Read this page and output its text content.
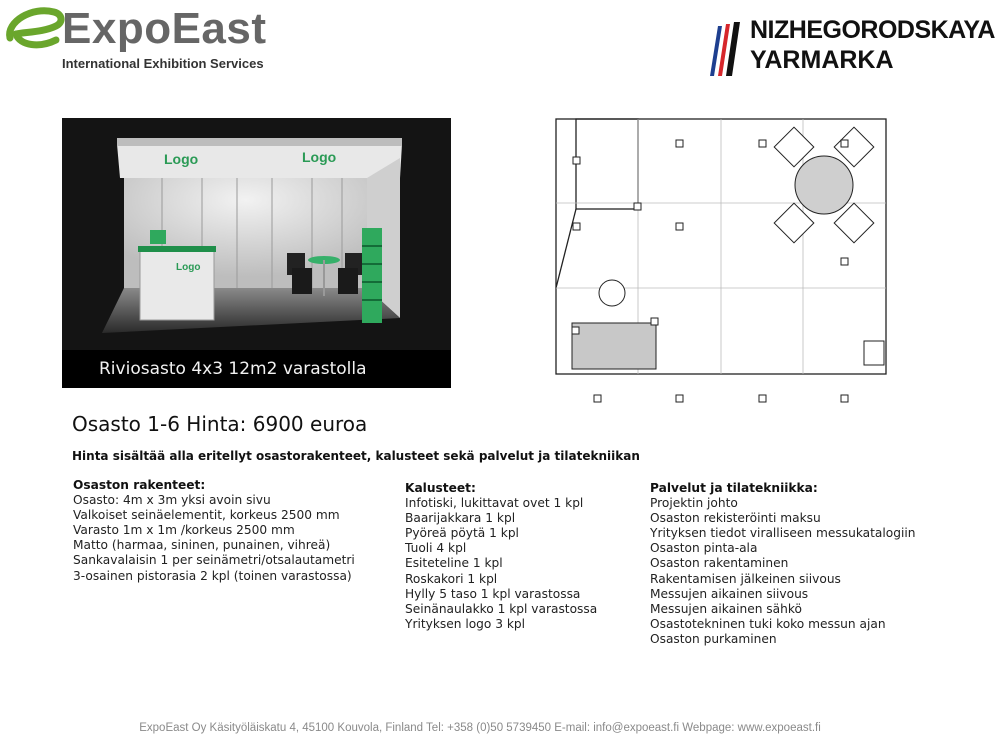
ExpoEast
International Exhibition Services
NIZHEGORODSKAYA
YARMARKA
Logo	Logo
Logo
Riviosasto 4x3 12m2 varastolla
Osasto 1-6 Hinta: 6900 euroa
Hinta sisältää alla eritellyt osastorakenteet, kalusteet sekä palvelut ja tilatekniikan
Osaston rakenteet:
Osasto: 4m x 3m yksi avoin sivu
Valkoiset seinäelementit, korkeus 2500 mm
Varasto 1m x 1m /korkeus 2500 mm
Matto (harmaa, sininen, punainen, vihreä)
Sankavalaisin 1 per seinämetri/otsalautametri
3-osainen pistorasia 2 kpl (toinen varastossa)
Kalusteet:
Infotiski, lukittavat ovet 1 kpl
Baarijakkara 1 kpl
Pyöreä pöytä 1 kpl
Tuoli 4 kpl
Esiteteline 1 kpl
Roskakori 1 kpl
Hylly 5 taso 1 kpl varastossa
Seinänaulakko 1 kpl varastossa
Yrityksen logo 3 kpl
Palvelut ja tilatekniikka:
Projektin johto
Osaston rekisteröinti maksu
Yrityksen tiedot viralliseen messukatalogiin
Osaston pinta-ala
Osaston rakentaminen
Rakentamisen jälkeinen siivous
Messujen aikainen siivous
Messujen aikainen sähkö
Osastotekninen tuki koko messun ajan
Osaston purkaminen
ExpoEast Oy Käsityöläiskatu 4, 45100 Kouvola, Finland Tel: +358 (0)50 5739450 E-mail: info@expoeast.fi Webpage: www.expoeast.fi
